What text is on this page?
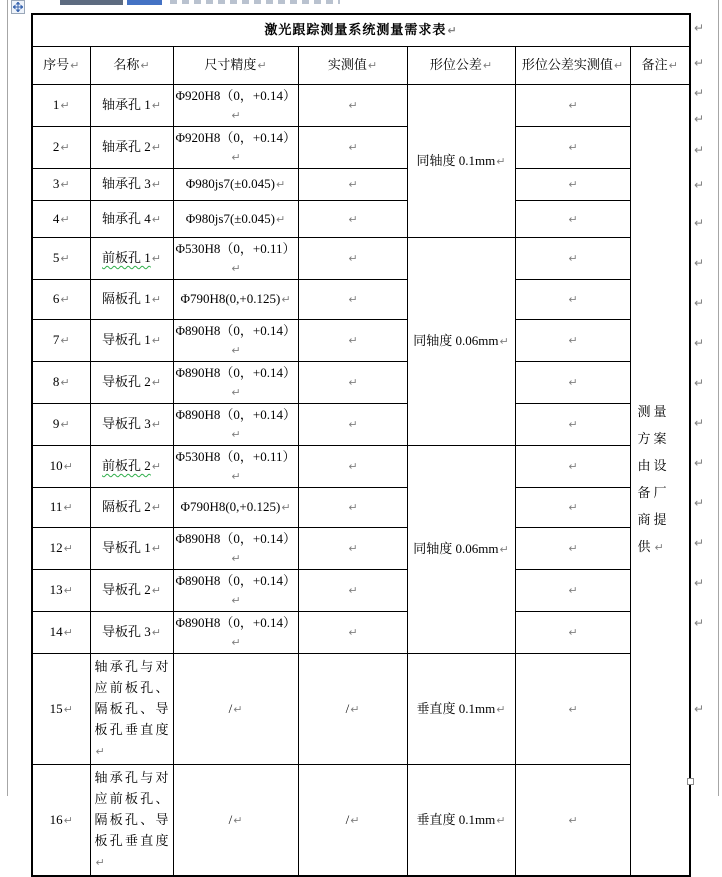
激光跟踪测量系统测量需求表↵						
序号↵	名称↵	尺寸精度↵	实测值↵	形位公差↵	形位公差实测值↵	备注↵
1↵	轴承孔 1↵	Φ920H8（0，+0.14）↵	↵	同轴度 0.1mm↵	↵	测量方案由设备厂商提供↵

2↵	轴承孔 2↵	Φ920H8（0，+0.14）↵	↵		↵	
3↵	轴承孔 3↵	Φ980js7(±0.045)↵	↵		↵	
4↵	轴承孔 4↵	Φ980js7(±0.045)↵	↵		↵	
5↵	前板孔 1↵	Φ530H8（0，+0.11）↵	↵	同轴度 0.06mm↵	↵	
6↵	隔板孔 1↵	Φ790H8(0,+0.125)↵	↵		↵	
7↵	导板孔 1↵	Φ890H8（0，+0.14）↵	↵		↵	
8↵	导板孔 2↵	Φ890H8（0，+0.14）↵	↵		↵	
9↵	导板孔 3↵	Φ890H8（0，+0.14）↵	↵		↵	
10↵	前板孔 2↵	Φ530H8（0，+0.11）↵	↵	同轴度 0.06mm↵	↵	
11↵	隔板孔 2↵	Φ790H8(0,+0.125)↵	↵		↵	
12↵	导板孔 1↵	Φ890H8（0，+0.14）↵	↵		↵	
13↵	导板孔 2↵	Φ890H8（0，+0.14）↵	↵		↵	
14↵	导板孔 3↵	Φ890H8（0，+0.14）↵	↵		↵	
15↵	轴承孔与对应前板孔、隔板孔、导板孔垂直度↵	/↵	/↵	垂直度 0.1mm↵	↵	
16↵	轴承孔与对应前板孔、隔板孔、导板孔垂直度↵	/↵	/↵	垂直度 0.1mm↵	↵	
↵
↵
↵
↵
↵
↵
↵
↵
↵
↵
↵
↵
↵
↵
↵
↵
↵
↵
